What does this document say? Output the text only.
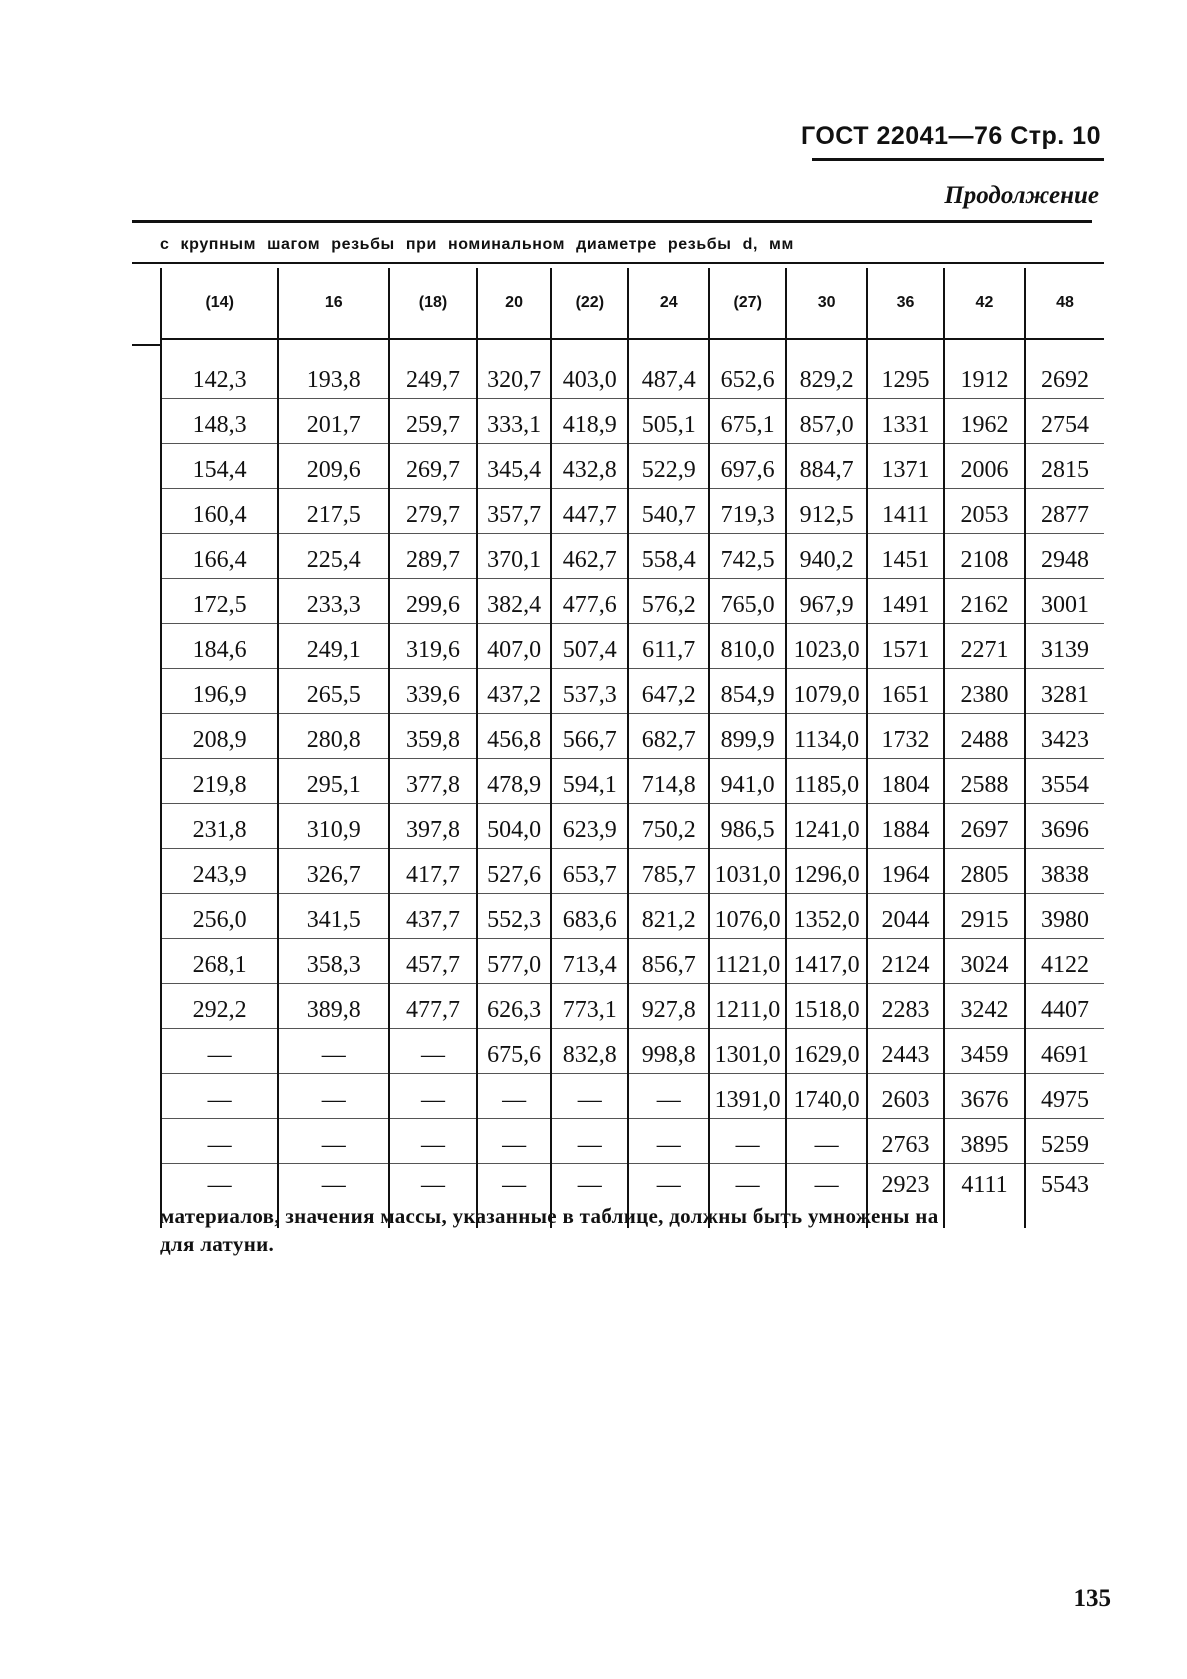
ГОСТ 22041—76 Стр. 10
Продолжение
с крупным шагом резьбы при номинальном диаметре резьбы d, мм
(14)	16	(18)	20	(22)	24	(27)	30	36	42	48
142,3	193,8	249,7	320,7	403,0	487,4	652,6	829,2	1295	1912	2692
148,3	201,7	259,7	333,1	418,9	505,1	675,1	857,0	1331	1962	2754
154,4	209,6	269,7	345,4	432,8	522,9	697,6	884,7	1371	2006	2815
160,4	217,5	279,7	357,7	447,7	540,7	719,3	912,5	1411	2053	2877
166,4	225,4	289,7	370,1	462,7	558,4	742,5	940,2	1451	2108	2948
172,5	233,3	299,6	382,4	477,6	576,2	765,0	967,9	1491	2162	3001
184,6	249,1	319,6	407,0	507,4	611,7	810,0	1023,0	1571	2271	3139
196,9	265,5	339,6	437,2	537,3	647,2	854,9	1079,0	1651	2380	3281
208,9	280,8	359,8	456,8	566,7	682,7	899,9	1134,0	1732	2488	3423
219,8	295,1	377,8	478,9	594,1	714,8	941,0	1185,0	1804	2588	3554
231,8	310,9	397,8	504,0	623,9	750,2	986,5	1241,0	1884	2697	3696
243,9	326,7	417,7	527,6	653,7	785,7	1031,0	1296,0	1964	2805	3838
256,0	341,5	437,7	552,3	683,6	821,2	1076,0	1352,0	2044	2915	3980
268,1	358,3	457,7	577,0	713,4	856,7	1121,0	1417,0	2124	3024	4122
292,2	389,8	477,7	626,3	773,1	927,8	1211,0	1518,0	2283	3242	4407
—	—	—	675,6	832,8	998,8	1301,0	1629,0	2443	3459	4691
—	—	—	—	—	—	1391,0	1740,0	2603	3676	4975
—	—	—	—	—	—	—	—	2763	3895	5259
—	—	—	—	—	—	—	—	2923	4111	5543
материалов, значения массы, указанные в таблице, должны быть умножены на
для латуни.
135
